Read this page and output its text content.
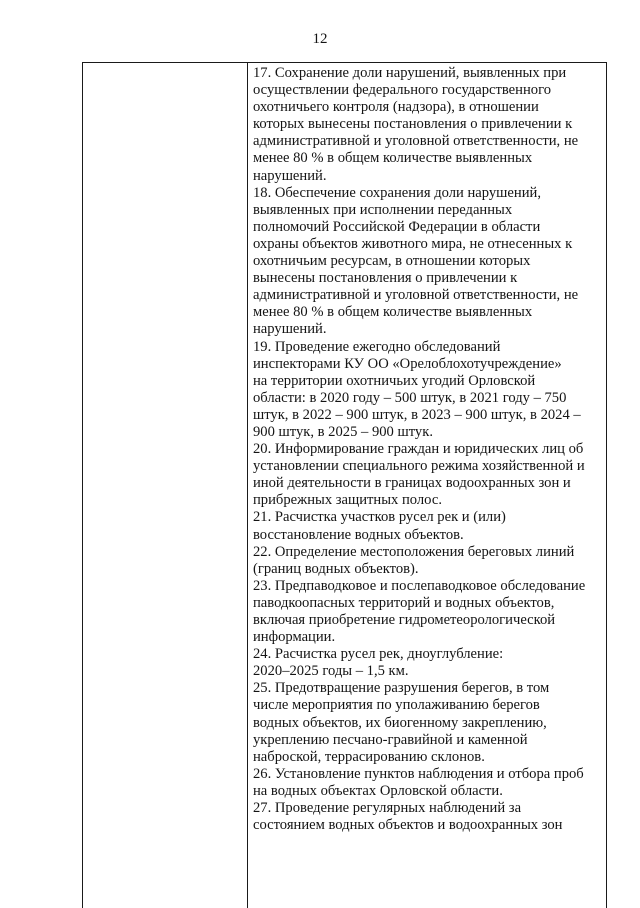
12
17. Сохранение доли нарушений, выявленных при
осуществлении федерального государственного
охотничьего контроля (надзора), в отношении
которых вынесены постановления о привлечении к
административной и уголовной ответственности, не
менее 80 % в общем количестве выявленных
нарушений.
18. Обеспечение сохранения доли нарушений,
выявленных при исполнении переданных
полномочий Российской Федерации в области
охраны объектов животного мира, не отнесенных к
охотничьим ресурсам, в отношении которых
вынесены постановления о привлечении к
административной и уголовной ответственности, не
менее 80 % в общем количестве выявленных
нарушений.
19. Проведение ежегодно обследований
инспекторами КУ ОО «Орелоблохотучреждение»
на территории охотничьих угодий Орловской
области: в 2020 году – 500 штук, в 2021 году – 750
штук, в 2022 – 900 штук, в 2023 – 900 штук, в 2024 –
900 штук, в 2025 – 900 штук.
20. Информирование граждан и юридических лиц об
установлении специального режима хозяйственной и
иной деятельности в границах водоохранных зон и
прибрежных защитных полос.
21. Расчистка участков русел рек и (или)
восстановление водных объектов.
22. Определение местоположения береговых линий
(границ водных объектов).
23. Предпаводковое и послепаводковое обследование
паводкоопасных территорий и водных объектов,
включая приобретение гидрометеорологической
информации.
24. Расчистка русел рек, дноуглубление:
2020–2025 годы – 1,5 км.
25. Предотвращение разрушения берегов, в том
числе мероприятия по уполаживанию берегов
водных объектов, их биогенному закреплению,
укреплению песчано-гравийной и каменной
наброской, террасированию склонов.
26. Установление пунктов наблюдения и отбора проб
на водных объектах Орловской области.
27. Проведение регулярных наблюдений за
состоянием водных объектов и водоохранных зон
